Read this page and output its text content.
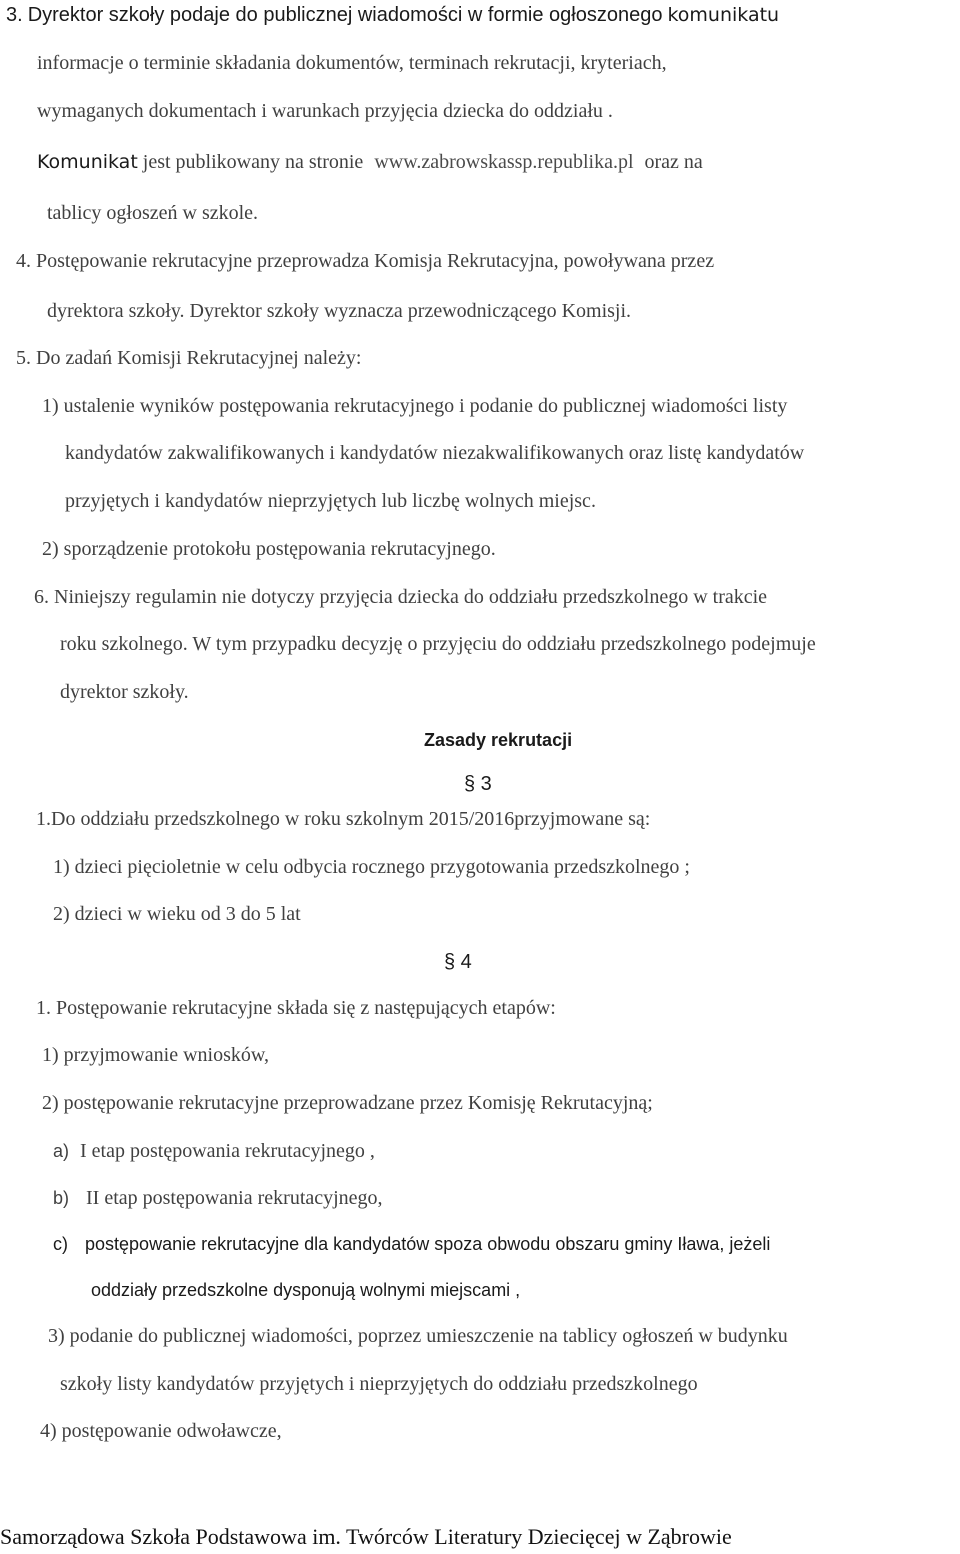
3. Dyrektor szkoły podaje do publicznej wiadomości w formie ogłoszonego komunikatu
informacje o terminie składania dokumentów, terminach rekrutacji, kryteriach,
wymaganych dokumentach i warunkach przyjęcia dziecka do oddziału .
Komunikat jest publikowany na stronie www.zabrowskassp.republika.pl oraz na
tablicy ogłoszeń w szkole.
4. Postępowanie rekrutacyjne przeprowadza Komisja Rekrutacyjna, powoływana przez
dyrektora szkoły. Dyrektor szkoły wyznacza przewodniczącego Komisji.
5. Do zadań Komisji Rekrutacyjnej należy:
1) ustalenie wyników postępowania rekrutacyjnego i podanie do publicznej wiadomości listy
kandydatów zakwalifikowanych i kandydatów niezakwalifikowanych oraz listę kandydatów
przyjętych i kandydatów nieprzyjętych lub liczbę wolnych miejsc.
2) sporządzenie protokołu postępowania rekrutacyjnego.
6. Niniejszy regulamin nie dotyczy przyjęcia dziecka do oddziału przedszkolnego w trakcie
roku szkolnego. W tym przypadku decyzję o przyjęciu do oddziału przedszkolnego podejmuje
dyrektor szkoły.
Zasady rekrutacji
§ 3
1.Do oddziału przedszkolnego w roku szkolnym 2015/2016przyjmowane są:
1) dzieci pięcioletnie w celu odbycia rocznego przygotowania przedszkolnego ;
2) dzieci w wieku od 3 do 5 lat
§ 4
1. Postępowanie rekrutacyjne składa się z następujących etapów:
1) przyjmowanie wniosków,
2) postępowanie rekrutacyjne przeprowadzane przez Komisję Rekrutacyjną;
a) I etap postępowania rekrutacyjnego ,
b) II etap postępowania rekrutacyjnego,
c) postępowanie rekrutacyjne dla kandydatów spoza obwodu obszaru gminy Iława, jeżeli
oddziały przedszkolne dysponują wolnymi miejscami ,
3) podanie do publicznej wiadomości, poprzez umieszczenie na tablicy ogłoszeń w budynku
szkoły listy kandydatów przyjętych i nieprzyjętych do oddziału przedszkolnego
4) postępowanie odwoławcze,
Samorządowa Szkoła Podstawowa im. Twórców Literatury Dziecięcej w Ząbrowie
